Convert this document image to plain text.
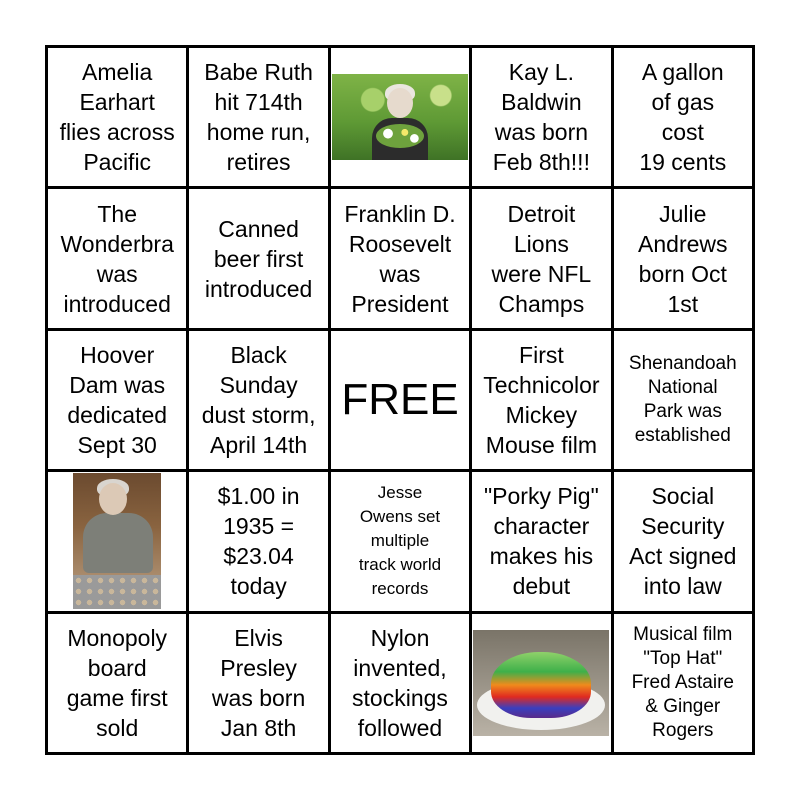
Amelia
Earhart
flies across
Pacific
Babe Ruth
hit 714th
home run,
retires
Kay L.
Baldwin
was born
Feb 8th!!!
A gallon
of gas
cost
19 cents
The
Wonderbra
was
introduced
Canned
beer first
introduced
Franklin D.
Roosevelt
was
President
Detroit
Lions
were NFL
Champs
Julie
Andrews
born Oct
1st
Hoover
Dam was
dedicated
Sept 30
Black
Sunday
dust storm,
April 14th
FREE
First
Technicolor
Mickey
Mouse film
Shenandoah
National
Park was
established
$1.00 in
1935 =
$23.04
today
Jesse
Owens set
multiple
track world
records
"Porky Pig"
character
makes his
debut
Social
Security
Act signed
into law
Monopoly
board
game first
sold
Elvis
Presley
was born
Jan 8th
Nylon
invented,
stockings
followed
Musical film
"Top Hat"
Fred Astaire
& Ginger
Rogers
